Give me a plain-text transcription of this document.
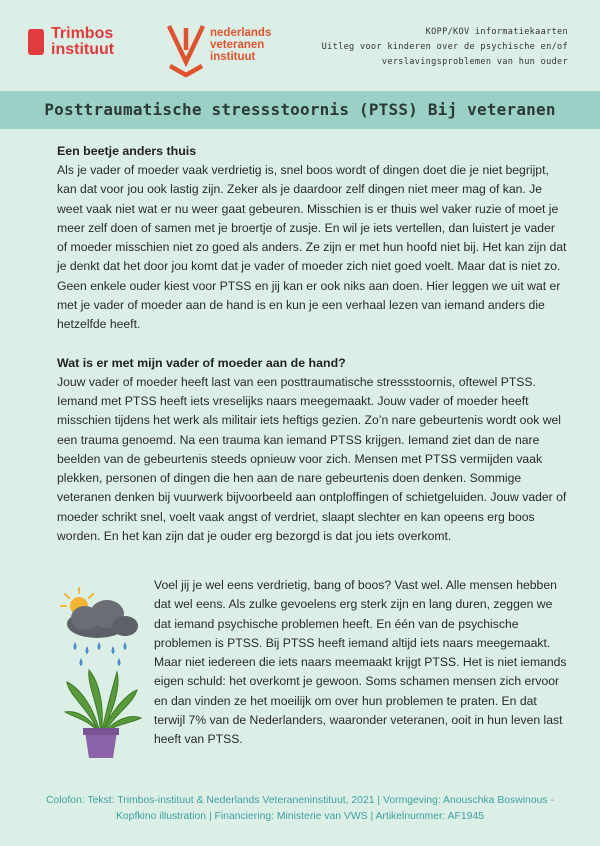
Trimbos
instituut
nederlands
veteranen
instituut
KOPP/KOV informatiekaarten
Uitleg voor kinderen over de psychische en/of
verslavingsproblemen van hun ouder
Posttraumatische stressstoornis (PTSS) Bij veteranen
Een beetje anders thuis

Als je vader of moeder vaak verdrietig is, snel boos wordt of dingen doet die je niet begrijpt, kan dat voor jou ook lastig zijn. Zeker als je daardoor zelf dingen niet meer mag of kan. Je weet vaak niet wat er nu weer gaat gebeuren. Misschien is er thuis wel vaker ruzie of moet je meer zelf doen of samen met je broertje of zusje. En wil je iets vertellen, dan luistert je vader of moeder misschien niet zo goed als anders. Ze zijn er met hun hoofd niet bij. Het kan zijn dat je denkt dat het door jou komt dat je vader of moeder zich niet goed voelt. Maar dat is niet zo. Geen enkele ouder kiest voor PTSS en jij kan er ook niks aan doen. Hier leggen we uit wat er met je vader of moeder aan de hand is en kun je een verhaal lezen van iemand anders die hetzelfde heeft.

Wat is er met mijn vader of moeder aan de hand?

Jouw vader of moeder heeft last van een posttraumatische stressstoornis, oftewel PTSS. Iemand met PTSS heeft iets vreselijks naars meegemaakt. Jouw vader of moeder heeft misschien tijdens het werk als militair iets heftigs gezien. Zo’n nare gebeurtenis wordt ook wel een trauma genoemd. Na een trauma kan iemand PTSS krijgen. Iemand ziet dan de nare beelden van de gebeurtenis steeds opnieuw voor zich. Mensen met PTSS vermijden vaak plekken, personen of dingen die hen aan de nare gebeurtenis doen denken. Sommige veteranen denken bij vuurwerk bijvoorbeeld aan ontploffingen of schietgeluiden. Jouw vader of moeder schrikt snel, voelt vaak angst of verdriet, slaapt slechter en kan opeens erg boos worden. En het kan zijn dat je ouder erg bezorgd is dat jou iets overkomt.

Voel jij je wel eens verdrietig, bang of boos? Vast wel. Alle mensen hebben dat wel eens. Als zulke gevoelens erg sterk zijn en lang duren, zeggen we dat iemand psychische problemen heeft. En één van de psychische problemen is PTSS. Bij PTSS heeft iemand altijd iets naars meegemaakt. Maar niet iedereen die iets naars meemaakt krijgt PTSS. Het is niet iemands eigen schuld: het overkomt je gewoon. Soms schamen mensen zich ervoor en dan vinden ze het moeilijk om over hun problemen te praten. En dat terwijl 7% van de Nederlanders, waaronder veteranen, ooit in hun leven last heeft van PTSS.

Colofon: Tekst: Trimbos-instituut & Nederlands Veteraneninstituut, 2021 | Vormgeving: Anouschka Boswinous - Kopfkino illustration | Financiering: Ministerie van VWS | Artikelnummer: AF1945
